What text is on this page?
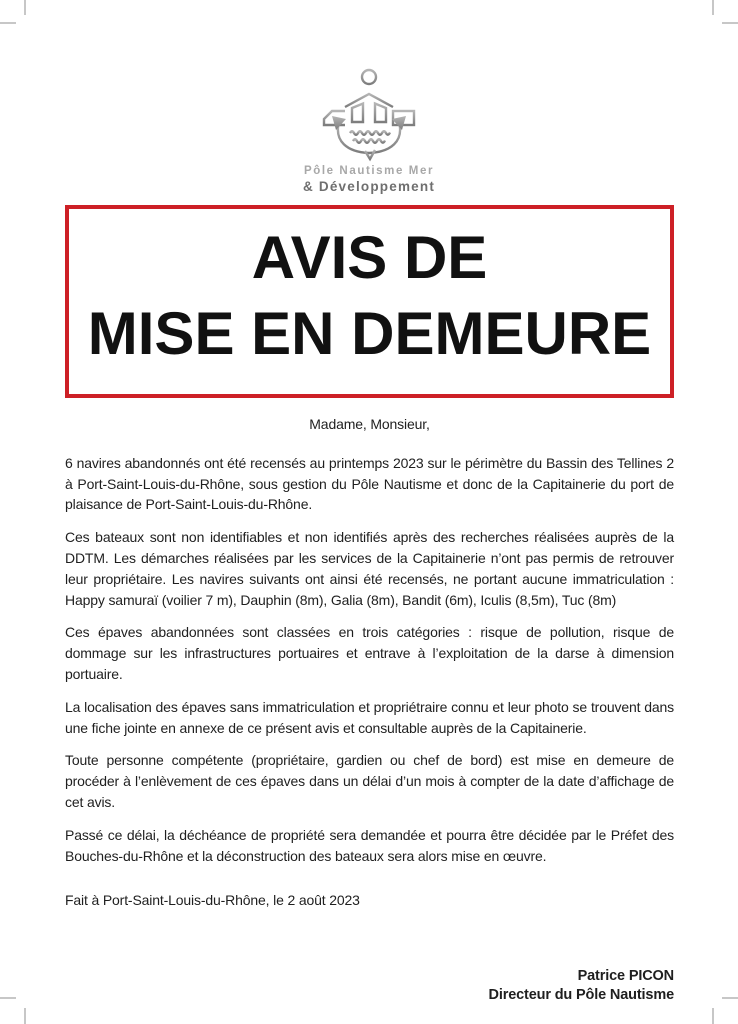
Pôle Nautisme Mer
& Développement
AVIS DE
MISE EN DEMEURE

Madame, Monsieur,

6 navires abandonnés ont été recensés au printemps 2023 sur le périmètre du Bassin des Tellines 2 à Port-Saint-Louis-du-Rhône, sous gestion du Pôle Nautisme et donc de la Capitainerie du port de plaisance de Port-Saint-Louis-du-Rhône.

Ces bateaux sont non identifiables et non identifiés après des recherches réalisées auprès de la DDTM. Les démarches réalisées par les services de la Capitainerie n’ont pas permis de retrouver leur propriétaire. Les navires suivants ont ainsi été recensés, ne portant aucune immatriculation : Happy samuraï (voilier 7 m), Dauphin (8m), Galia (8m), Bandit (6m), Iculis (8,5m), Tuc (8m)

Ces épaves abandonnées sont classées en trois catégories : risque de pollution, risque de dommage sur les infrastructures portuaires et entrave à l’exploitation de la darse à dimension portuaire.

La localisation des épaves sans immatriculation et propriétraire connu et leur photo se trouvent dans une fiche jointe en annexe de ce présent avis et consultable auprès de la Capitainerie.

Toute personne compétente (propriétaire, gardien ou chef de bord) est mise en demeure de procéder à l’enlèvement de ces épaves dans un délai d’un mois à compter de la date d’affichage de cet avis.

Passé ce délai, la déchéance de propriété sera demandée et pourra être décidée par le Préfet des Bouches-du-Rhône et la déconstruction des bateaux sera alors mise en œuvre.

Fait à Port-Saint-Louis-du-Rhône, le 2 août 2023

Patrice PICON
Directeur du Pôle Nautisme
